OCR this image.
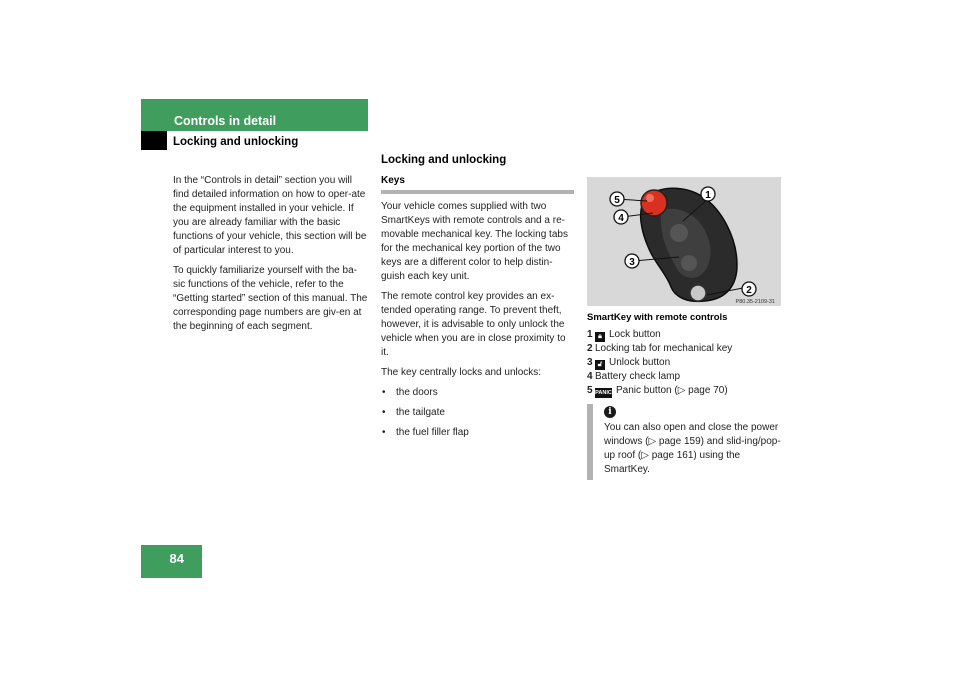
Controls in detail
Locking and unlocking

In the “Controls in detail” section you will find detailed information on how to oper-ate the equipment installed in your vehicle. If you are already familiar with the basic functions of your vehicle, this section will be of particular interest to you.

To quickly familiarize yourself with the ba-sic functions of the vehicle, refer to the “Getting started” section of this manual. The corresponding page numbers are giv-en at the beginning of each segment.

Locking and unlocking
Keys

Your vehicle comes supplied with two SmartKeys with remote controls and a re-movable mechanical key. The locking tabs for the mechanical key portion of the two keys are a different color to help distin-guish each key unit.

The remote control key provides an ex-tended operating range. To prevent theft, however, it is advisable to only unlock the vehicle when you are in close proximity to it.

The key centrally locks and unlocks:

• the doors
• the tailgate
• the fuel filler flap
1
2
3
4
5
P80.35-2109-31
SmartKey with remote controls
1 🔒︎ Lock button
2 Locking tab for mechanical key
3 🔓︎ Unlock button
4 Battery check lamp
5 PANIC Panic button (▷ page 70)
i
You can also open and close the power windows (▷ page 159) and slid-ing/pop-up roof (▷ page 161) using the SmartKey.
84
